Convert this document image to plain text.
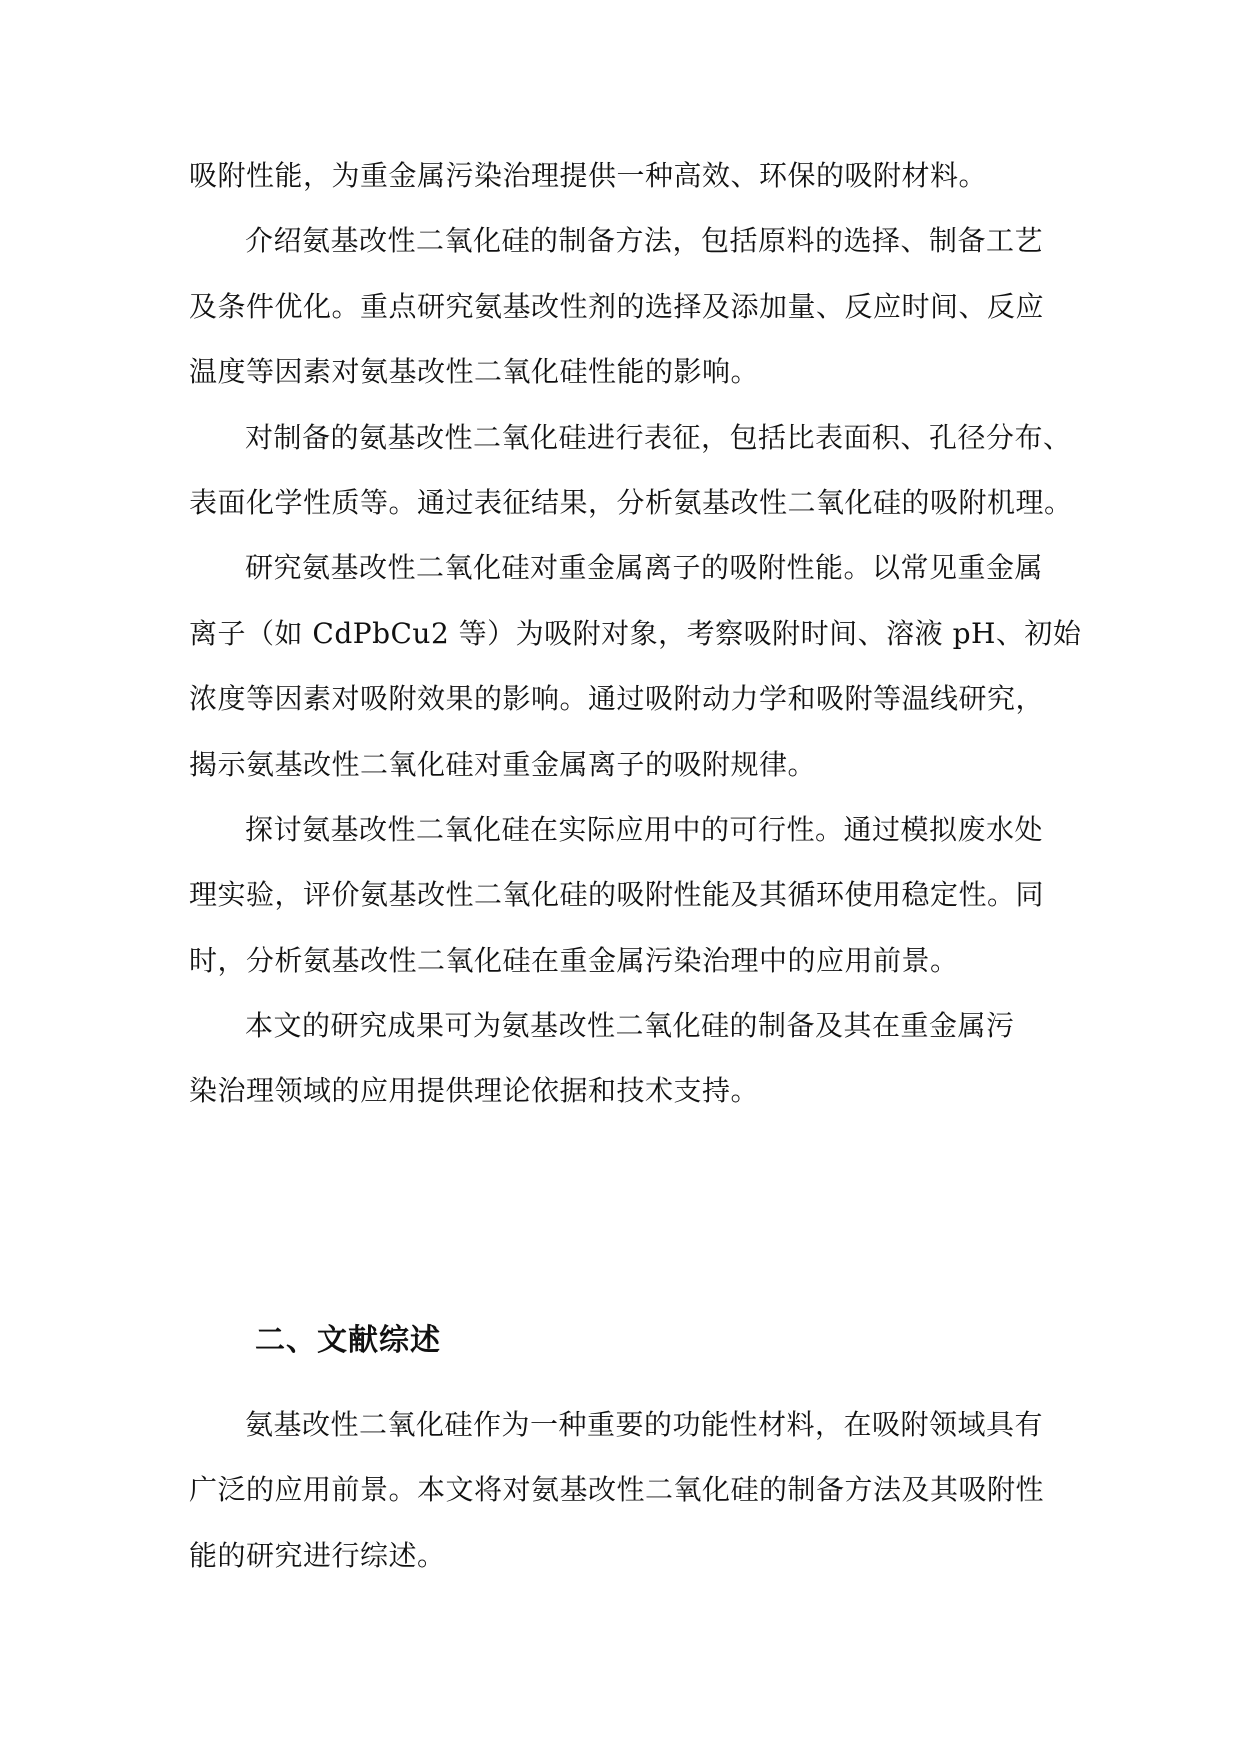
吸附性能，为重金属污染治理提供一种高效、环保的吸附材料。
介绍氨基改性二氧化硅的制备方法，包括原料的选择、制备工艺
及条件优化。重点研究氨基改性剂的选择及添加量、反应时间、反应
温度等因素对氨基改性二氧化硅性能的影响。
对制备的氨基改性二氧化硅进行表征，包括比表面积、孔径分布、
表面化学性质等。通过表征结果，分析氨基改性二氧化硅的吸附机理。
研究氨基改性二氧化硅对重金属离子的吸附性能。以常见重金属
离子（如 CdPbCu2 等）为吸附对象，考察吸附时间、溶液 pH、初始
浓度等因素对吸附效果的影响。通过吸附动力学和吸附等温线研究，
揭示氨基改性二氧化硅对重金属离子的吸附规律。
探讨氨基改性二氧化硅在实际应用中的可行性。通过模拟废水处
理实验，评价氨基改性二氧化硅的吸附性能及其循环使用稳定性。同
时，分析氨基改性二氧化硅在重金属污染治理中的应用前景。
本文的研究成果可为氨基改性二氧化硅的制备及其在重金属污
染治理领域的应用提供理论依据和技术支持。
二、文献综述
氨基改性二氧化硅作为一种重要的功能性材料，在吸附领域具有
广泛的应用前景。本文将对氨基改性二氧化硅的制备方法及其吸附性
能的研究进行综述。
